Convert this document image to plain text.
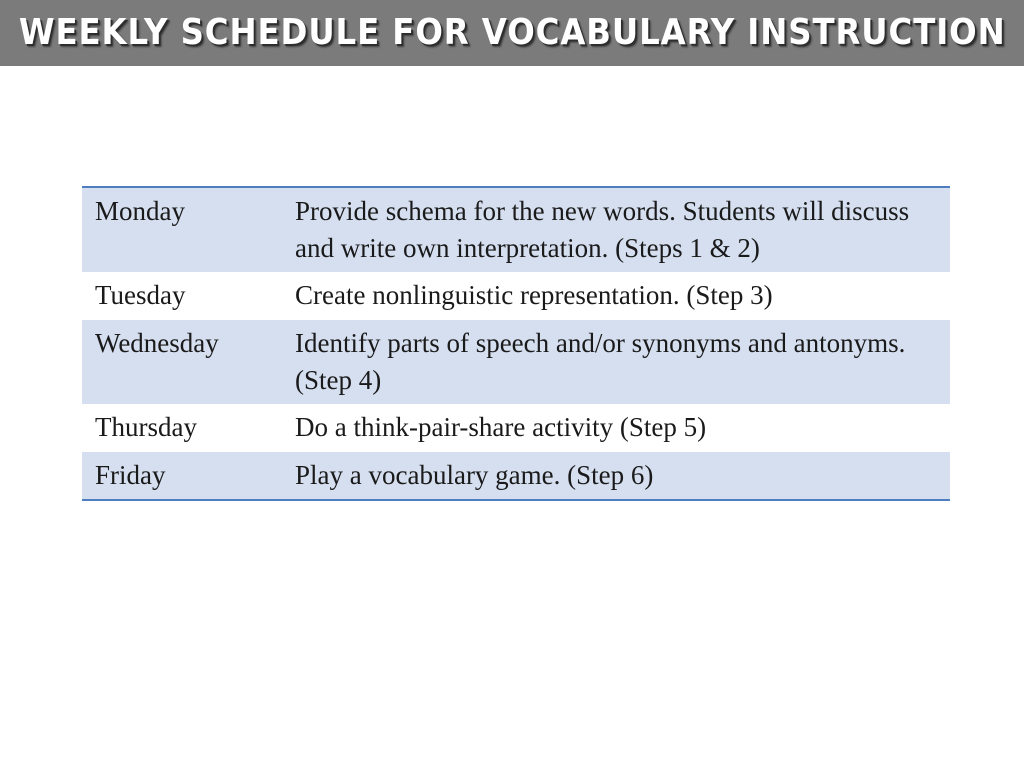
WEEKLY SCHEDULE FOR VOCABULARY INSTRUCTION
Monday	Provide schema for the new words. Students will discuss and write own interpretation. (Steps 1 & 2)
Tuesday	Create nonlinguistic representation. (Step 3)
Wednesday	Identify parts of speech and/or synonyms and antonyms. (Step 4)
Thursday	Do a think-pair-share activity (Step 5)
Friday	Play a vocabulary game. (Step 6)
